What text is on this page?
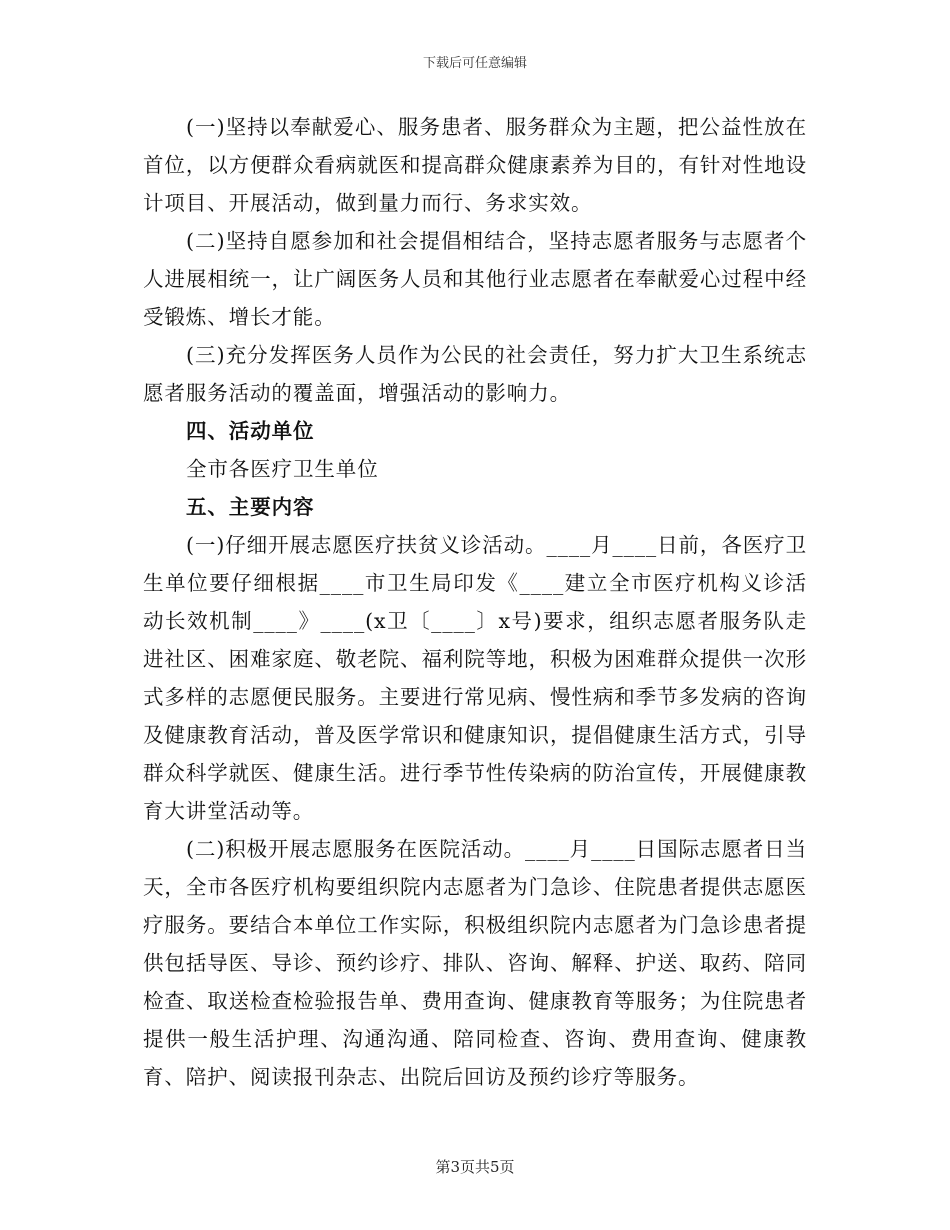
下载后可任意编辑

(一)坚持以奉献爱心、服务患者、服务群众为主题，把公益性放在首位，以方便群众看病就医和提高群众健康素养为目的，有针对性地设计项目、开展活动，做到量力而行、务求实效。

(二)坚持自愿参加和社会提倡相结合，坚持志愿者服务与志愿者个人进展相统一，让广阔医务人员和其他行业志愿者在奉献爱心过程中经受锻炼、增长才能。

(三)充分发挥医务人员作为公民的社会责任，努力扩大卫生系统志愿者服务活动的覆盖面，增强活动的影响力。

四、活动单位

全市各医疗卫生单位

五、主要内容

(一)仔细开展志愿医疗扶贫义诊活动。____月____日前，各医疗卫生单位要仔细根据____市卫生局印发《____建立全市医疗机构义诊活动长效机制____》____(x卫〔____〕x号)要求，组织志愿者服务队走进社区、困难家庭、敬老院、福利院等地，积极为困难群众提供一次形式多样的志愿便民服务。主要进行常见病、慢性病和季节多发病的咨询及健康教育活动，普及医学常识和健康知识，提倡健康生活方式，引导群众科学就医、健康生活。进行季节性传染病的防治宣传，开展健康教育大讲堂活动等。

(二)积极开展志愿服务在医院活动。____月____日国际志愿者日当天，全市各医疗机构要组织院内志愿者为门急诊、住院患者提供志愿医疗服务。要结合本单位工作实际，积极组织院内志愿者为门急诊患者提供包括导医、导诊、预约诊疗、排队、咨询、解释、护送、取药、陪同检查、取送检查检验报告单、费用查询、健康教育等服务；为住院患者提供一般生活护理、沟通沟通、陪同检查、咨询、费用查询、健康教育、陪护、阅读报刊杂志、出院后回访及预约诊疗等服务。

第3页共5页
